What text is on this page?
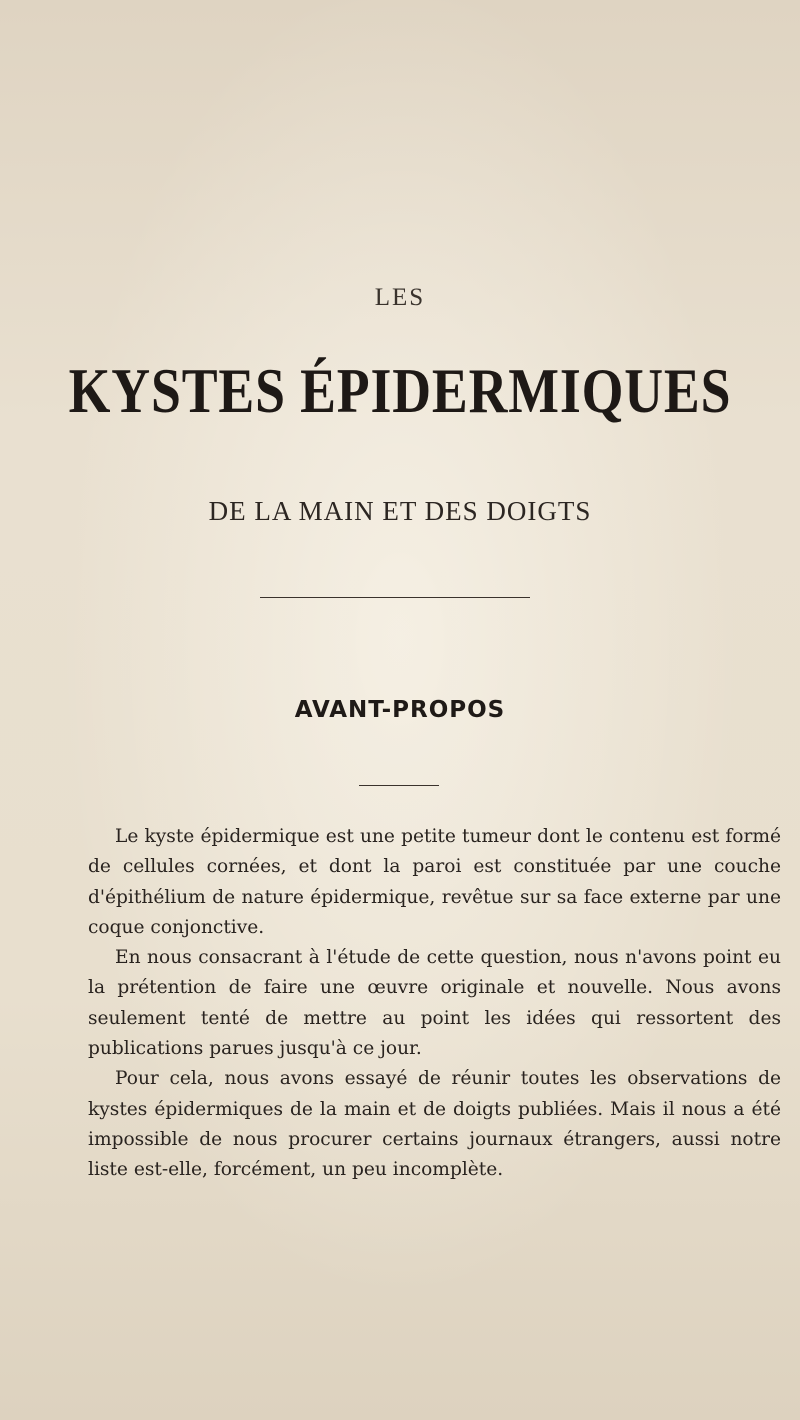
LES
KYSTES ÉPIDERMIQUES
DE LA MAIN ET DES DOIGTS
AVANT-PROPOS

Le kyste épidermique est une petite tumeur dont le contenu est formé de cellules cornées, et dont la paroi est constituée par une couche d'épithélium de nature épidermique, revêtue sur sa face externe par une coque conjonctive.

En nous consacrant à l'étude de cette question, nous n'avons point eu la prétention de faire une œuvre originale et nouvelle. Nous avons seulement tenté de mettre au point les idées qui ressortent des publications parues jusqu'à ce jour.

Pour cela, nous avons essayé de réunir toutes les observations de kystes épidermiques de la main et de doigts publiées. Mais il nous a été impossible de nous procurer certains journaux étrangers, aussi notre liste est-elle, forcément, un peu incomplète.
